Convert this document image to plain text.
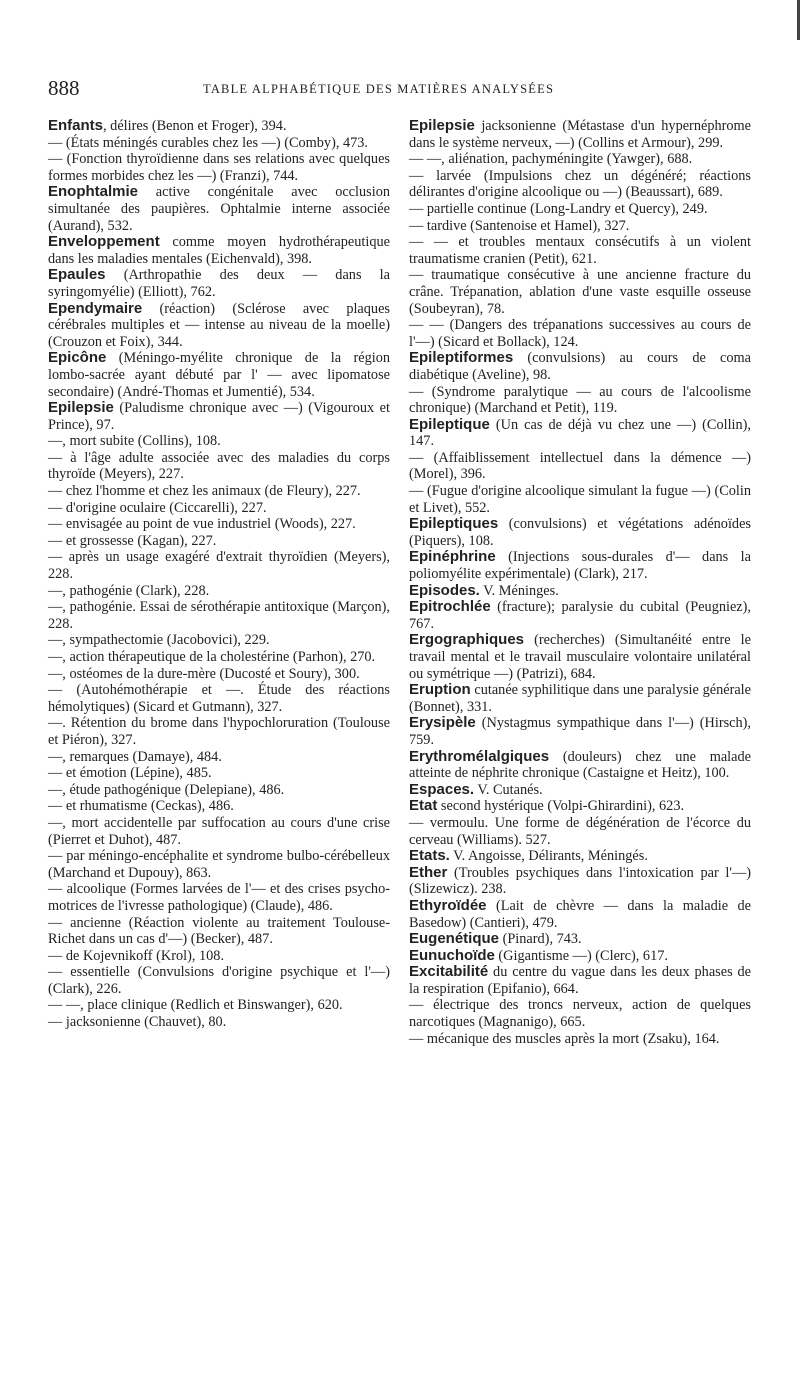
888	TABLE ALPHABÉTIQUE DES MATIÈRES ANALYSÉES

Enfants, délires (Benon et Froger), 394.

— (États méningés curables chez les —) (Comby), 473.

— (Fonction thyroïdienne dans ses relations avec quelques formes morbides chez les —) (Franzi), 744.

Enophtalmie active congénitale avec occlusion simultanée des paupières. Ophtalmie interne associée (Aurand), 532.

Enveloppement comme moyen hydrothérapeutique dans les maladies mentales (Eichenvald), 398.

Epaules (Arthropathie des deux — dans la syringomyélie) (Elliott), 762.

Ependymaire (réaction) (Sclérose avec plaques cérébrales multiples et — intense au niveau de la moelle) (Crouzon et Foix), 344.

Epicône (Méningo-myélite chronique de la région lombo-sacrée ayant débuté par l' — avec lipomatose secondaire) (André-Thomas et Jumentié), 534.

Epilepsie (Paludisme chronique avec —) (Vigouroux et Prince), 97.

—, mort subite (Collins), 108.

— à l'âge adulte associée avec des maladies du corps thyroïde (Meyers), 227.

— chez l'homme et chez les animaux (de Fleury), 227.

— d'origine oculaire (Ciccarelli), 227.

— envisagée au point de vue industriel (Woods), 227.

— et grossesse (Kagan), 227.

— après un usage exagéré d'extrait thyroïdien (Meyers), 228.

—, pathogénie (Clark), 228.

—, pathogénie. Essai de sérothérapie antitoxique (Marçon), 228.

—, sympathectomie (Jacobovici), 229.

—, action thérapeutique de la cholestérine (Parhon), 270.

—, ostéomes de la dure-mère (Ducosté et Soury), 300.

— (Autohémothérapie et —. Étude des réactions hémolytiques) (Sicard et Gutmann), 327.

—. Rétention du brome dans l'hypochloruration (Toulouse et Piéron), 327.

—, remarques (Damaye), 484.

— et émotion (Lépine), 485.

—, étude pathogénique (Delepiane), 486.

— et rhumatisme (Ceckas), 486.

—, mort accidentelle par suffocation au cours d'une crise (Pierret et Duhot), 487.

— par méningo-encéphalite et syndrome bulbo-cérébelleux (Marchand et Dupouy), 863.

— alcoolique (Formes larvées de l'— et des crises psycho-motrices de l'ivresse pathologique) (Claude), 486.

— ancienne (Réaction violente au traitement Toulouse-Richet dans un cas d'—) (Becker), 487.

— de Kojevnikoff (Krol), 108.

— essentielle (Convulsions d'origine psychique et l'—) (Clark), 226.

— —, place clinique (Redlich et Binswanger), 620.

— jacksonienne (Chauvet), 80.

Epilepsie jacksonienne (Métastase d'un hypernéphrome dans le système nerveux, —) (Collins et Armour), 299.

— —, aliénation, pachyméningite (Yawger), 688.

— larvée (Impulsions chez un dégénéré; réactions délirantes d'origine alcoolique ou —) (Beaussart), 689.

— partielle continue (Long-Landry et Quercy), 249.

— tardive (Santenoise et Hamel), 327.

— — et troubles mentaux consécutifs à un violent traumatisme cranien (Petit), 621.

— traumatique consécutive à une ancienne fracture du crâne. Trépanation, ablation d'une vaste esquille osseuse (Soubeyran), 78.

— — (Dangers des trépanations successives au cours de l'—) (Sicard et Bollack), 124.

Epileptiformes (convulsions) au cours de coma diabétique (Aveline), 98.

— (Syndrome paralytique — au cours de l'alcoolisme chronique) (Marchand et Petit), 119.

Epileptique (Un cas de déjà vu chez une —) (Collin), 147.

— (Affaiblissement intellectuel dans la démence —) (Morel), 396.

— (Fugue d'origine alcoolique simulant la fugue —) (Colin et Livet), 552.

Epileptiques (convulsions) et végétations adénoïdes (Piquers), 108.

Epinéphrine (Injections sous-durales d'— dans la poliomyélite expérimentale) (Clark), 217.

Episodes. V. Méninges.

Epitrochlée (fracture); paralysie du cubital (Peugniez), 767.

Ergographiques (recherches) (Simultanéité entre le travail mental et le travail musculaire volontaire unilatéral ou symétrique —) (Patrizi), 684.

Eruption cutanée syphilitique dans une paralysie générale (Bonnet), 331.

Erysipèle (Nystagmus sympathique dans l'—) (Hirsch), 759.

Erythromélalgiques (douleurs) chez une malade atteinte de néphrite chronique (Castaigne et Heitz), 100.

Espaces. V. Cutanés.

Etat second hystérique (Volpi-Ghirardini), 623.

— vermoulu. Une forme de dégénération de l'écorce du cerveau (Williams). 527.

Etats. V. Angoisse, Délirants, Méningés.

Ether (Troubles psychiques dans l'intoxication par l'—) (Slizewicz). 238.

Ethyroïdée (Lait de chèvre — dans la maladie de Basedow) (Cantieri), 479.

Eugenétique (Pinard), 743.

Eunuchoïde (Gigantisme —) (Clerc), 617.

Excitabilité du centre du vague dans les deux phases de la respiration (Epifanio), 664.

— électrique des troncs nerveux, action de quelques narcotiques (Magnanigo), 665.

— mécanique des muscles après la mort (Zsaku), 164.
